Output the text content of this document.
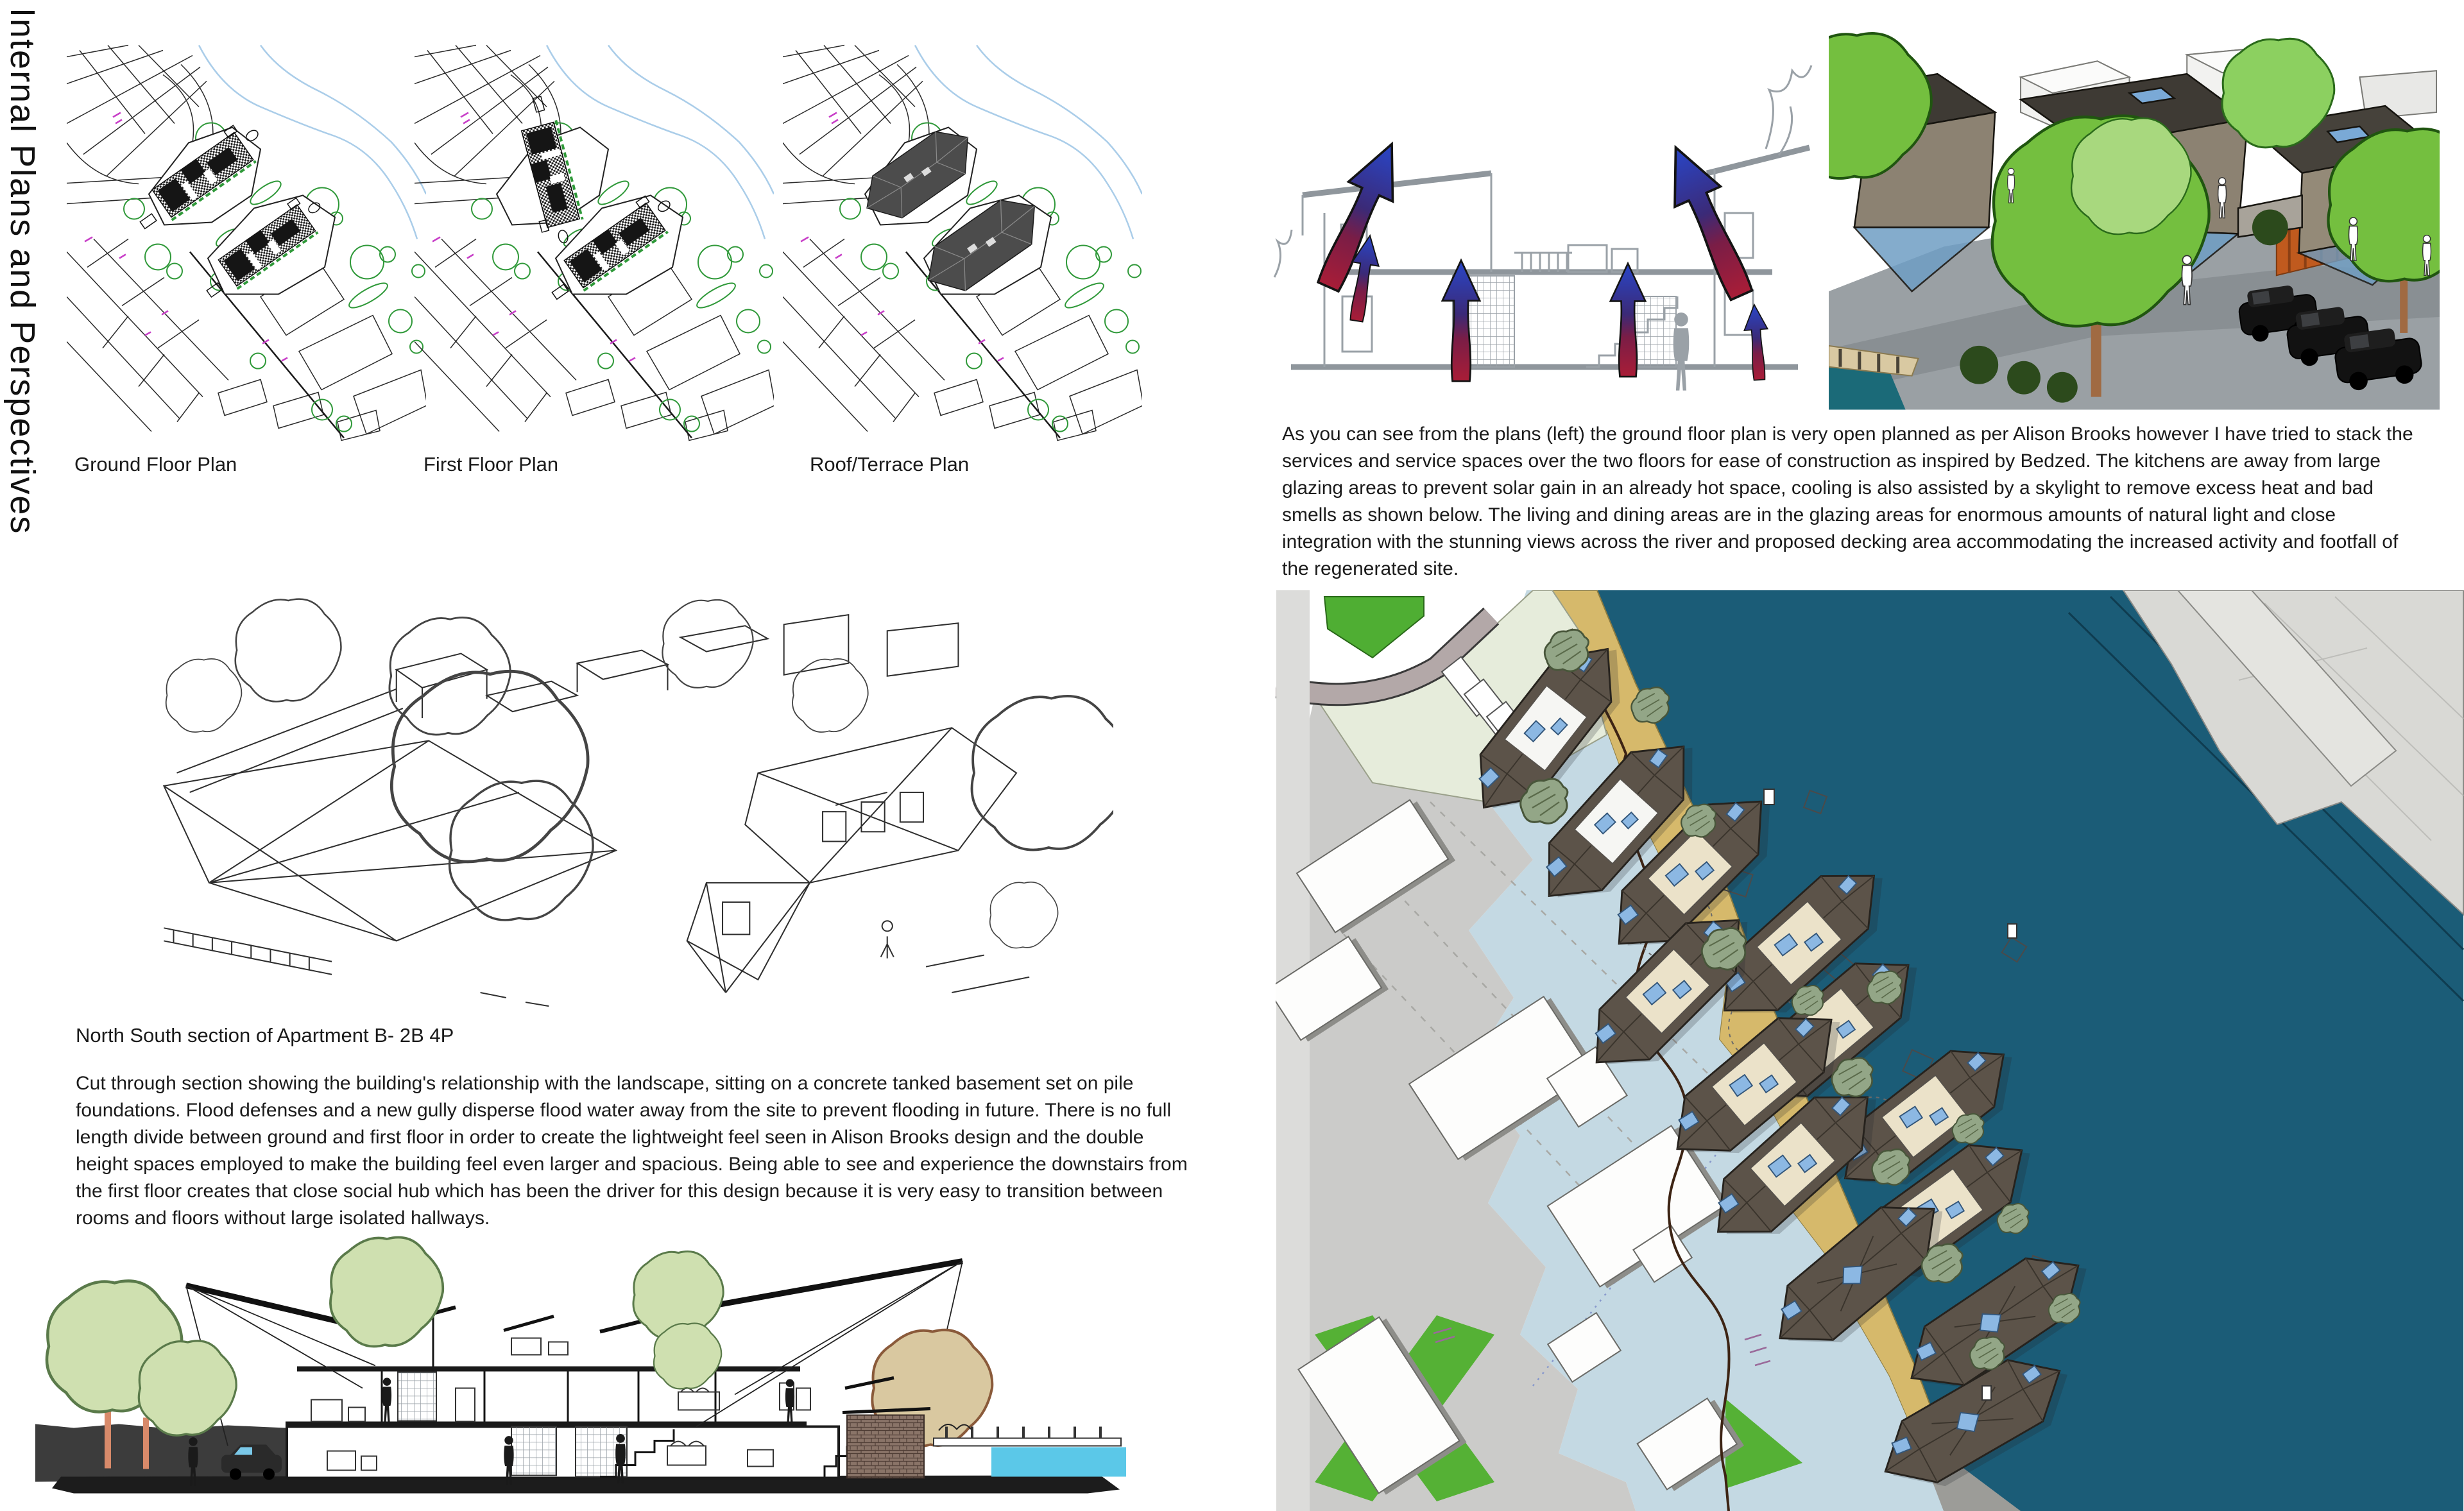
Internal Plans and Perspectives Ground Floor Plan	First Floor Plan	Roof/Terrace Plan
As you can see from the plans (left) the ground floor plan is very open planned as per Alison Brooks however I have tried to stack the services and service spaces over the two floors for ease of construction as inspired by Bedzed. The kitchens are away from large glazing areas to prevent solar gain in an already hot space, cooling is also assisted by a skylight to remove excess heat and bad smells as shown below. The living and dining areas are in the glazing areas for enormous amounts of natural light and close integration with the stunning views across the river and proposed decking area accommodating the increased activity and footfall of the regenerated site.
North South section of Apartment B- 2B 4P
Cut through section showing the building's relationship with the landscape, sitting on a concrete tanked basement set on pile foundations. Flood defenses and a new gully disperse flood water away from the site to prevent flooding in future. There is no full length divide between ground and first floor in order to create the lightweight feel seen in Alison Brooks design and the double height spaces employed to make the building feel even larger and spacious. Being able to see and experience the downstairs from the first floor creates that close social hub which has been the driver for this design because it is very easy to transition between rooms and floors without large isolated hallways.
